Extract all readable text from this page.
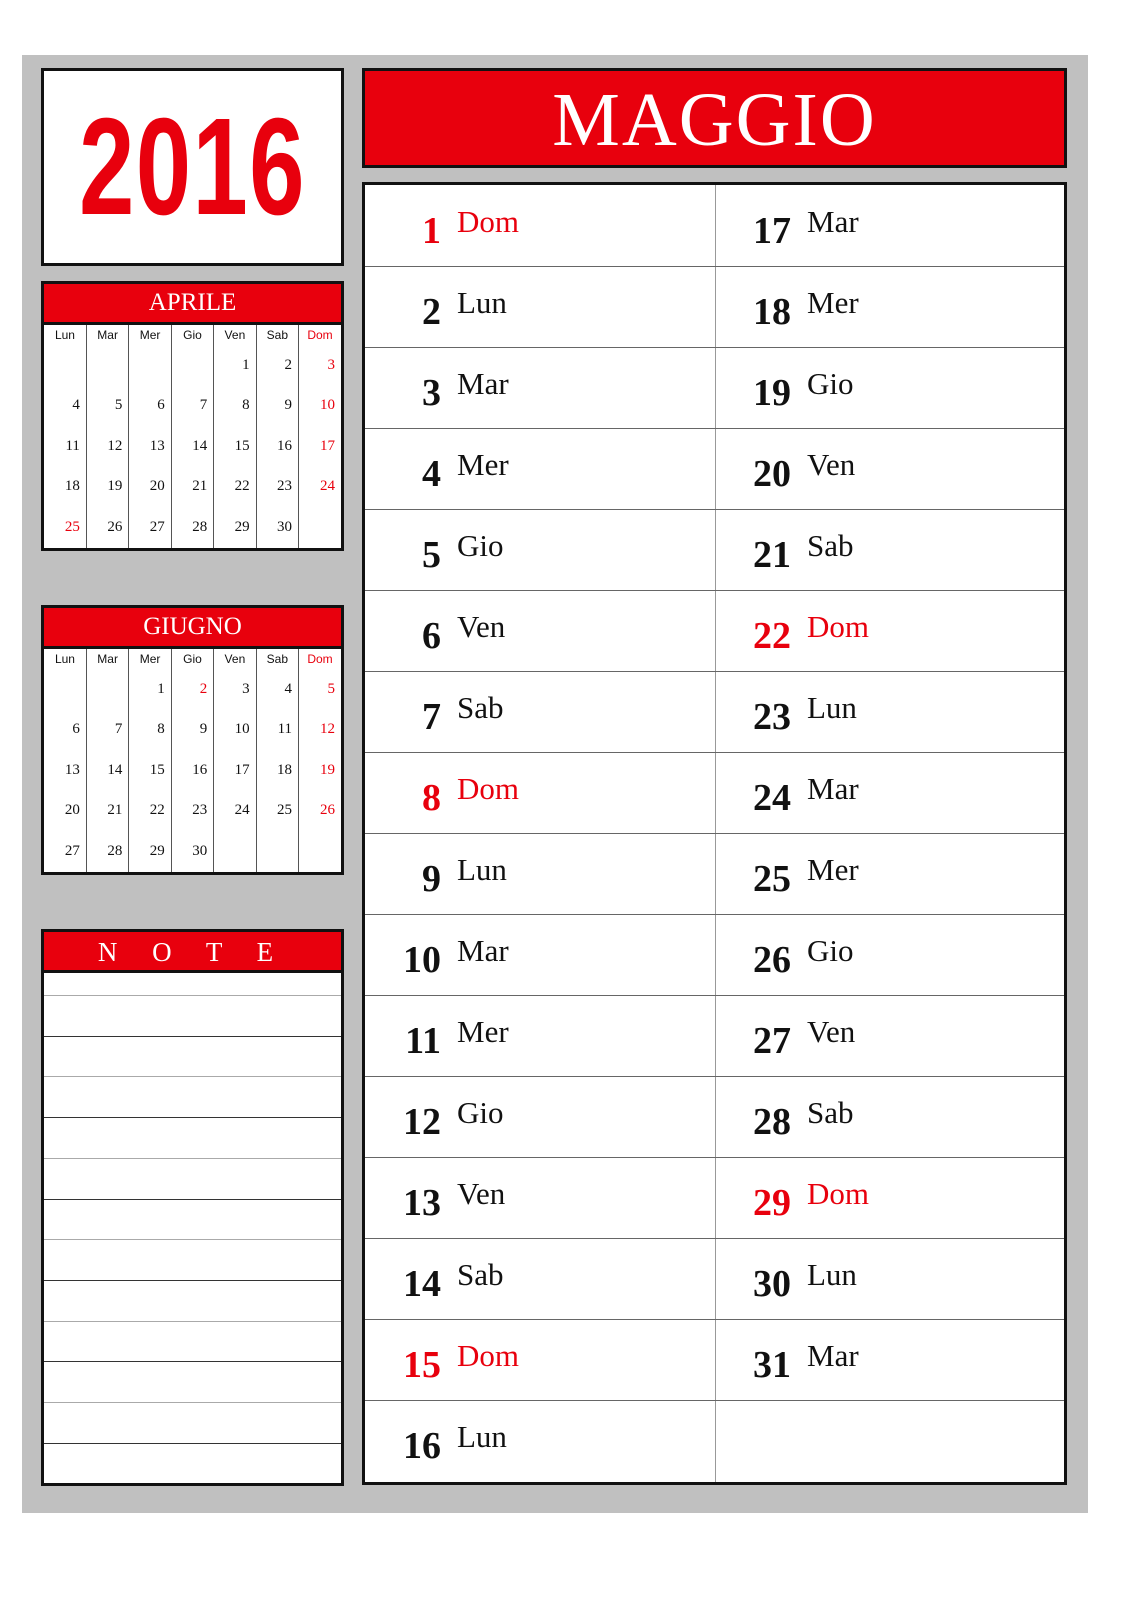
2016
APRILE
Lun	Mar	Mer	Gio	Ven	Sab	Dom
				1	2	3
4	5	6	7	8	9	10
11	12	13	14	15	16	17
18	19	20	21	22	23	24
25	26	27	28	29	30	
GIUGNO
Lun	Mar	Mer	Gio	Ven	Sab	Dom
		1	2	3	4	5
6	7	8	9	10	11	12
13	14	15	16	17	18	19
20	21	22	23	24	25	26
27	28	29	30			
N O T E
MAGGIO
1 Dom
2 Lun
3 Mar
4 Mer
5 Gio
6 Ven
7 Sab
8 Dom
9 Lun
10 Mar
11 Mer
12 Gio
13 Ven
14 Sab
15 Dom
16 Lun
17 Mar
18 Mer
19 Gio
20 Ven
21 Sab
22 Dom
23 Lun
24 Mar
25 Mer
26 Gio
27 Ven
28 Sab
29 Dom
30 Lun
31 Mar
